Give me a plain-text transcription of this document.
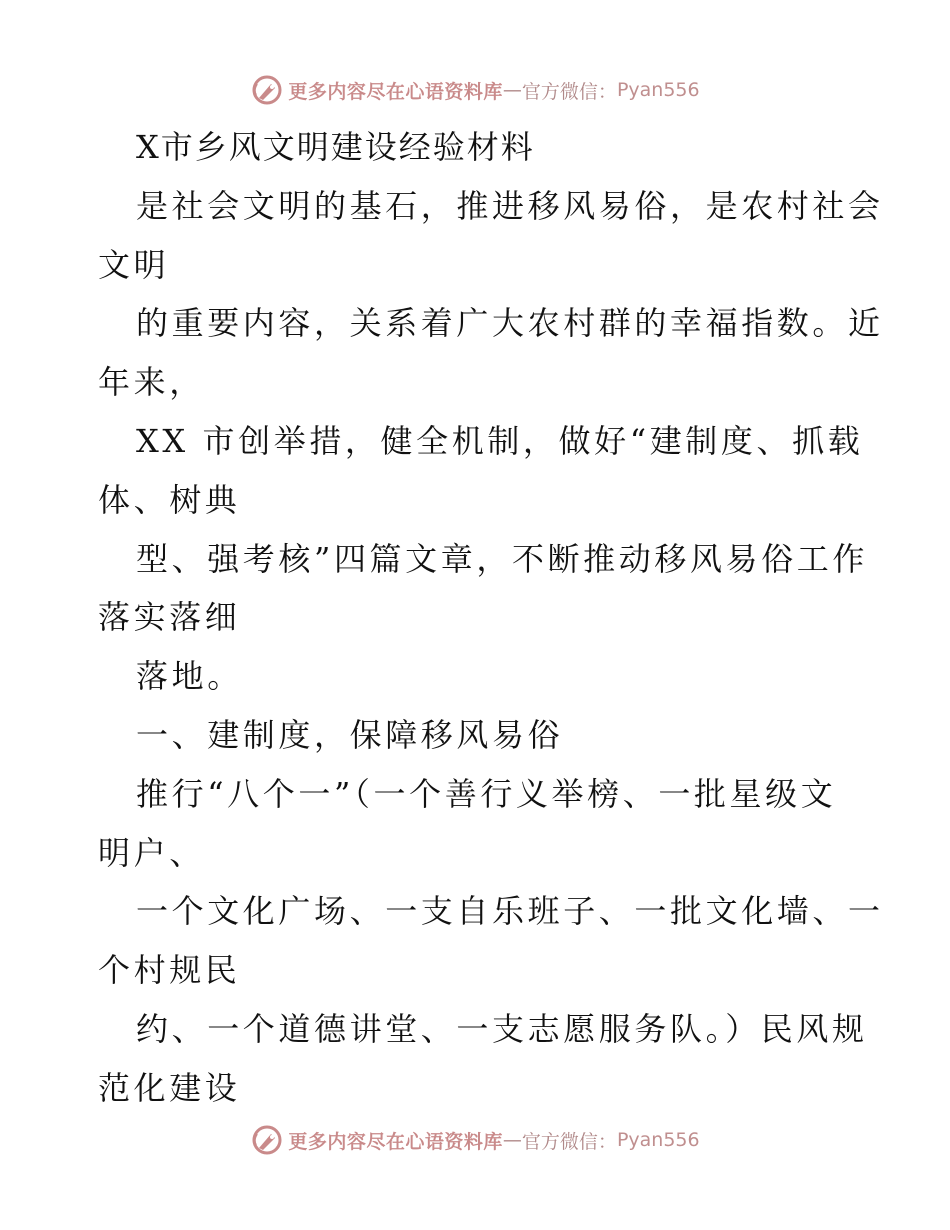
更多内容尽在心语资料库 — 官方微信： Pyan556
X市乡风文明建设经验材料
是社会文明的基石，推进移风易俗，是农村社会
文明
的重要内容，关系着广大农村群的幸福指数。近
年来，
XX 市创举措，健全机制，做好“建制度、抓载
体、树典
型、强考核”四篇文章，不断推动移风易俗工作
落实落细
落地。
一、建制度，保障移风易俗
推行“八个一”（一个善行义举榜、一批星级文
明户、
一个文化广场、一支自乐班子、一批文化墙、一
个村规民
约、一个道德讲堂、一支志愿服务队。）民风规
范化建设
更多内容尽在心语资料库 — 官方微信： Pyan556
